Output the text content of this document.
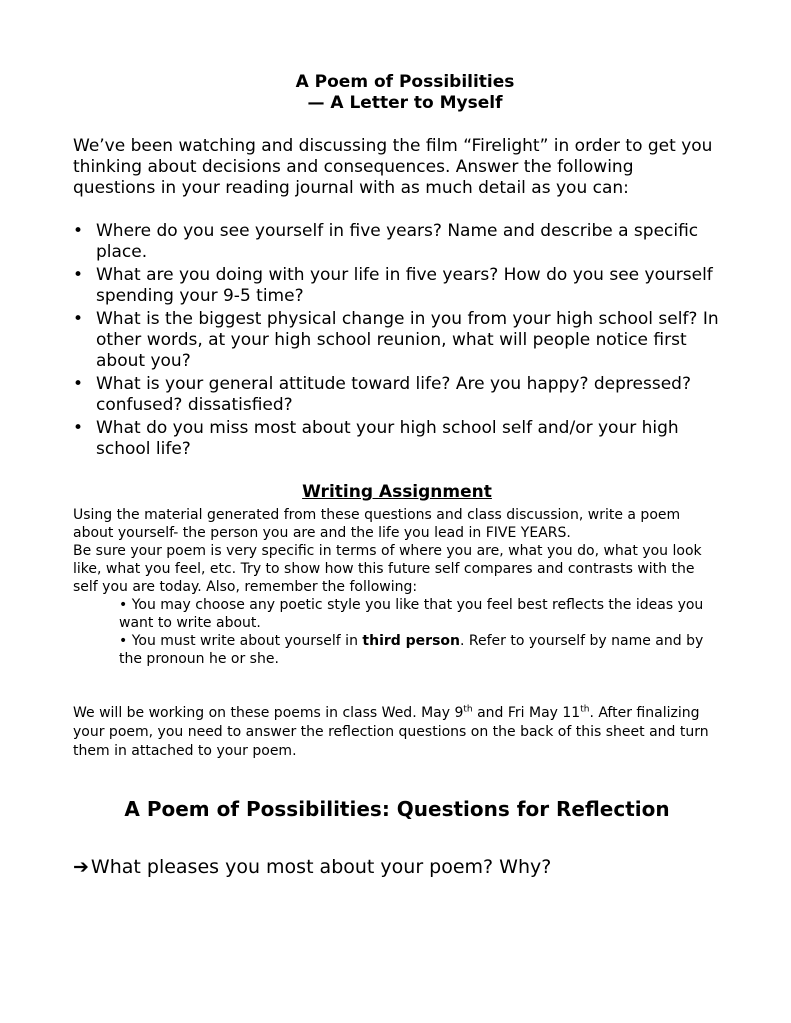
A Poem of Possibilities
— A Letter to Myself

We’ve been watching and discussing the film “Firelight” in order to get you thinking about decisions and consequences. Answer the following questions in your reading journal with as much detail as you can:

• Where do you see yourself in five years? Name and describe a specific place.
• What are you doing with your life in five years? How do you see yourself spending your 9-5 time?
• What is the biggest physical change in you from your high school self? In other words, at your high school reunion, what will people notice first about you?
• What is your general attitude toward life? Are you happy? depressed? confused? dissatisfied?
• What do you miss most about your high school self and/or your high school life?
Writing Assignment

Using the material generated from these questions and class discussion, write a poem about yourself- the person you are and the life you lead in FIVE YEARS.

Be sure your poem is very specific in terms of where you are, what you do, what you look like, what you feel, etc. Try to show how this future self compares and contrasts with the self you are today. Also, remember the following:

• You may choose any poetic style you like that you feel best reflects the ideas you want to write about.
• You must write about yourself in third person. Refer to yourself by name and by the pronoun he or she.

We will be working on these poems in class Wed. May 9th and Fri May 11th. After finalizing your poem, you need to answer the reflection questions on the back of this sheet and turn them in attached to your poem.

A Poem of Possibilities: Questions for Reflection
➔ What pleases you most about your poem? Why?
